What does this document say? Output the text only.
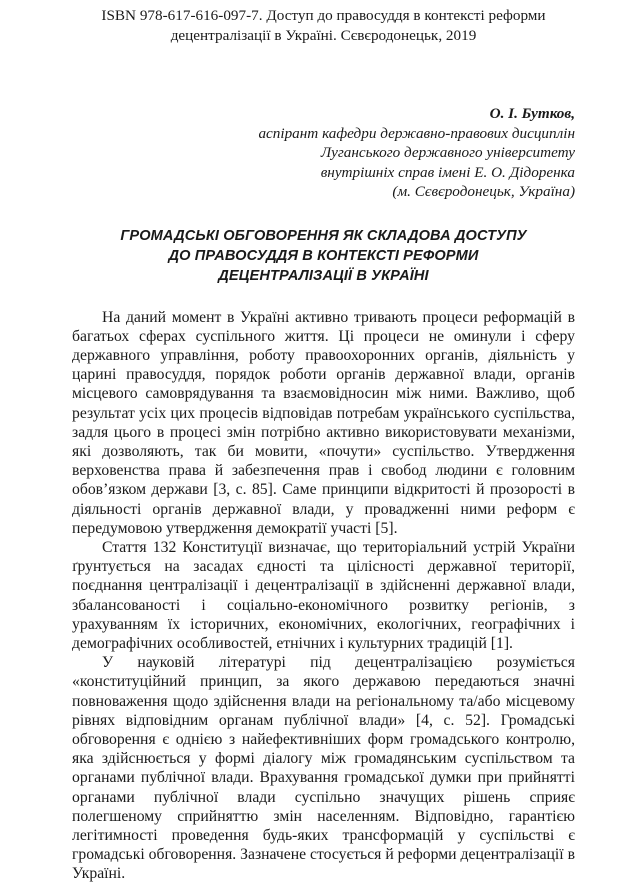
ISBN 978-617-616-097-7. Доступ до правосуддя в контексті реформи
децентралізації в Україні. Сєвєродонецьк, 2019
О. І. Бутков,
аспірант кафедри державно-правових дисциплін
Луганського державного університету
внутрішніх справ імені Е. О. Дідоренка
(м. Сєвєродонецьк, Україна)
ГРОМАДСЬКІ ОБГОВОРЕННЯ ЯК СКЛАДОВА ДОСТУПУ
ДО ПРАВОСУДДЯ В КОНТЕКСТІ РЕФОРМИ
ДЕЦЕНТРАЛІЗАЦІЇ В УКРАЇНІ

На даний момент в Україні активно тривають процеси реформацій в багатьох сферах суспільного життя. Ці процеси не оминули і сферу державного управління, роботу правоохоронних органів, діяльність у царині правосуддя, порядок роботи органів державної влади, органів місцевого самоврядування та взаємовідносин між ними. Важливо, щоб результат усіх цих процесів відповідав потребам українського суспільства, задля цього в процесі змін потрібно активно використовувати механізми, які дозволяють, так би мовити, «почути» суспільство. Утвердження верховенства права й забезпечення прав і свобод людини є головним обов’язком держави [3, с. 85]. Саме принципи відкритості й прозорості в діяльності органів державної влади, у провадженні ними реформ є передумовою утвердження демократії участі [5].

Стаття 132 Конституції визначає, що територіальний устрій України ґрунтується на засадах єдності та цілісності державної території, поєднання централізації і децентралізації в здійсненні державної влади, збалансованості і соціально-економічного розвитку регіонів, з урахуванням їх історичних, економічних, екологічних, географічних і демографічних особливостей, етнічних і культурних традицій [1].

У науковій літературі під децентралізацією розуміється «конституційний принцип, за якого державою передаються значні повноваження щодо здійснення влади на регіональному та/або місцевому рівнях відповідним органам публічної влади» [4, с. 52]. Громадські обговорення є однією з найефективніших форм громадського контролю, яка здійснюється у формі діалогу між громадянським суспільством та органами публічної влади. Врахування громадської думки при прийнятті органами публічної влади суспільно значущих рішень сприяє полегшеному сприйняттю змін населенням. Відповідно, гарантією легітимності проведення будь-яких трансформацій у суспільстві є громадські обговорення. Зазначене стосується й реформи децентралізації в Україні.
